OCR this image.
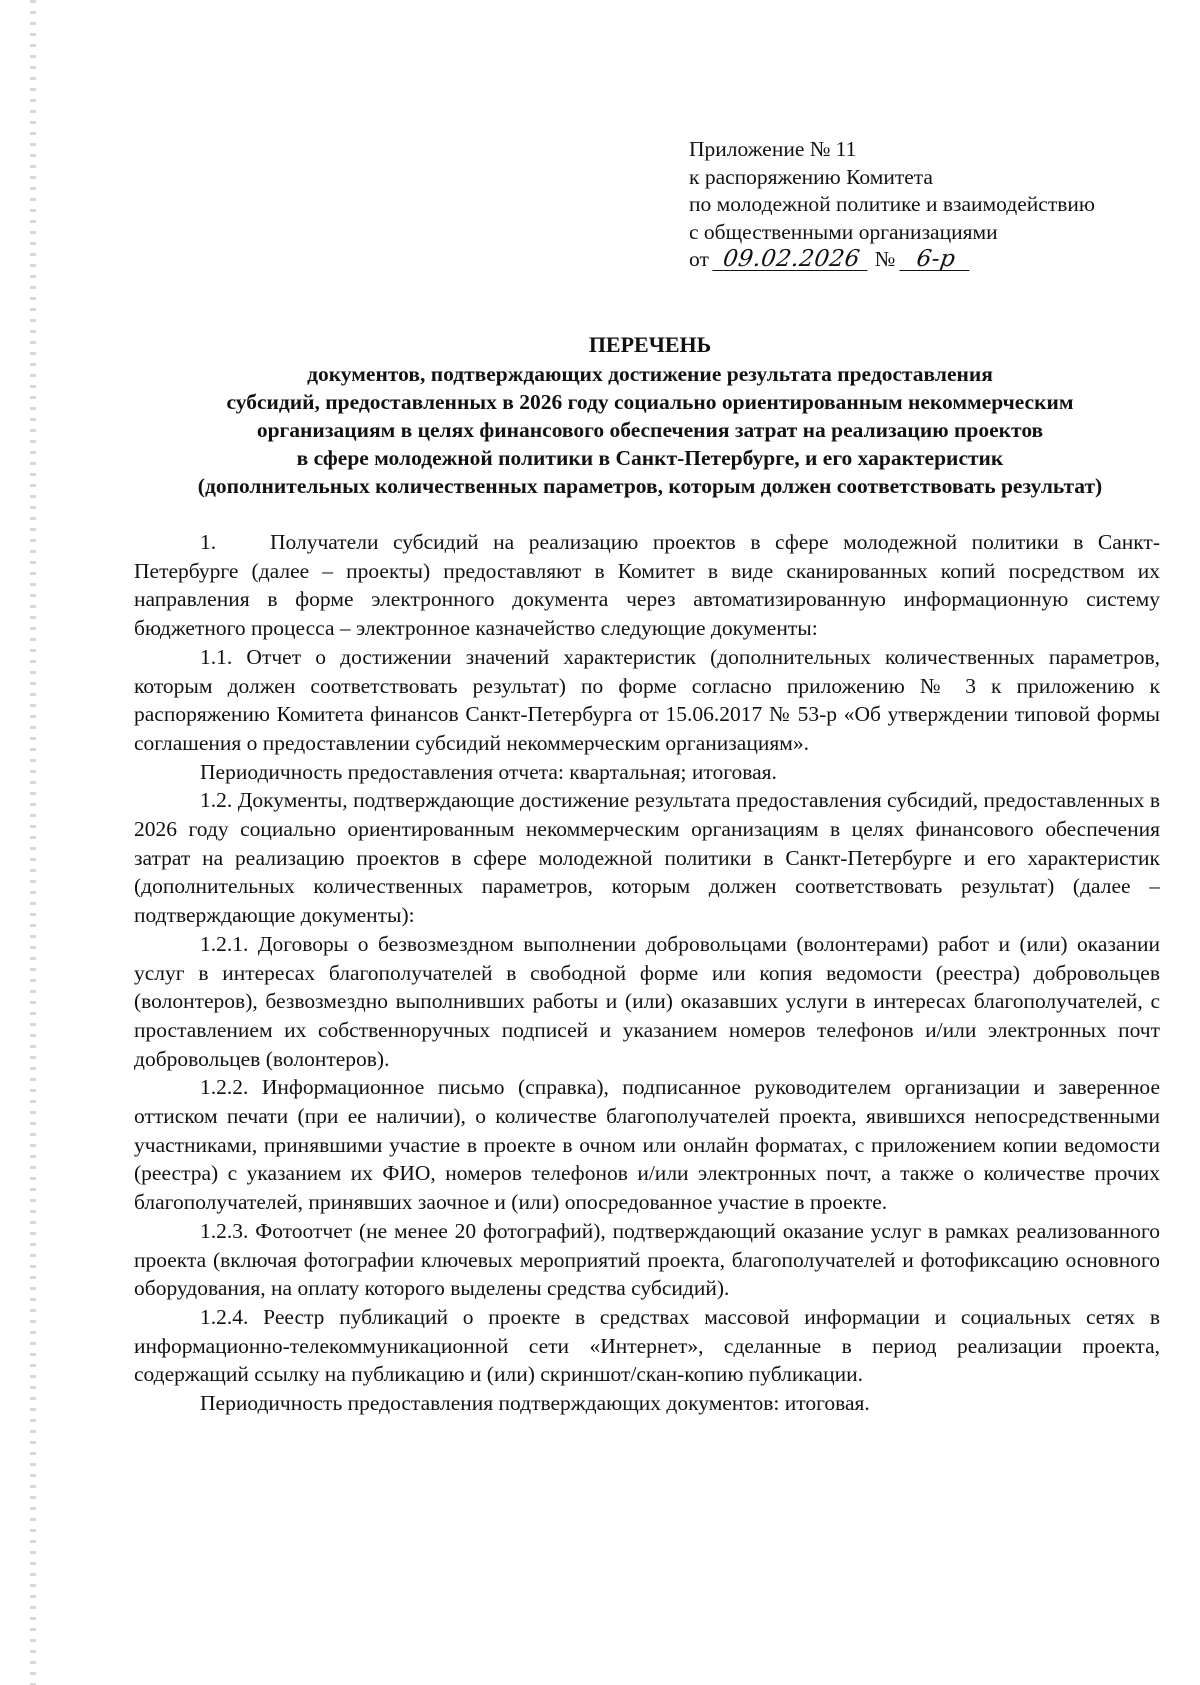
Приложение № 11
к распоряжению Комитета
по молодежной политике и взаимодействию
с общественными организациями
от 09.02.2026 № 6-р
ПЕРЕЧЕНЬ
документов, подтверждающих достижение результата предоставления
субсидий, предоставленных в 2026 году социально ориентированным некоммерческим
организациям в целях финансового обеспечения затрат на реализацию проектов
в сфере молодежной политики в Санкт-Петербурге, и его характеристик
(дополнительных количественных параметров, которым должен соответствовать результат)

1.	Получатели субсидий на реализацию проектов в сфере молодежной политики в Санкт-Петербурге (далее – проекты) предоставляют в Комитет в виде сканированных копий посредством их направления в форме электронного документа через автоматизированную информационную систему бюджетного процесса – электронное казначейство следующие документы:

1.1. Отчет о достижении значений характеристик (дополнительных количественных параметров, которым должен соответствовать результат) по форме согласно приложению № 3 к приложению к распоряжению Комитета финансов Санкт-Петербурга от 15.06.2017 № 53-р «Об утверждении типовой формы соглашения о предоставлении субсидий некоммерческим организациям».

Периодичность предоставления отчета: квартальная; итоговая.

1.2. Документы, подтверждающие достижение результата предоставления субсидий, предоставленных в 2026 году социально ориентированным некоммерческим организациям в целях финансового обеспечения затрат на реализацию проектов в сфере молодежной политики в Санкт-Петербурге и его характеристик (дополнительных количественных параметров, которым должен соответствовать результат) (далее – подтверждающие документы):

1.2.1. Договоры о безвозмездном выполнении добровольцами (волонтерами) работ и (или) оказании услуг в интересах благополучателей в свободной форме или копия ведомости (реестра) добровольцев (волонтеров), безвозмездно выполнивших работы и (или) оказавших услуги в интересах благополучателей, с проставлением их собственноручных подписей и указанием номеров телефонов и/или электронных почт добровольцев (волонтеров).

1.2.2. Информационное письмо (справка), подписанное руководителем организации и заверенное оттиском печати (при ее наличии), о количестве благополучателей проекта, явившихся непосредственными участниками, принявшими участие в проекте в очном или онлайн форматах, с приложением копии ведомости (реестра) с указанием их ФИО, номеров телефонов и/или электронных почт, а также о количестве прочих благополучателей, принявших заочное и (или) опосредованное участие в проекте.

1.2.3. Фотоотчет (не менее 20 фотографий), подтверждающий оказание услуг в рамках реализованного проекта (включая фотографии ключевых мероприятий проекта, благополучателей и фотофиксацию основного оборудования, на оплату которого выделены средства субсидий).

1.2.4. Реестр публикаций о проекте в средствах массовой информации и социальных сетях в информационно-телекоммуникационной сети «Интернет», сделанные в период реализации проекта, содержащий ссылку на публикацию и (или) скриншот/скан-копию публикации.

Периодичность предоставления подтверждающих документов: итоговая.
